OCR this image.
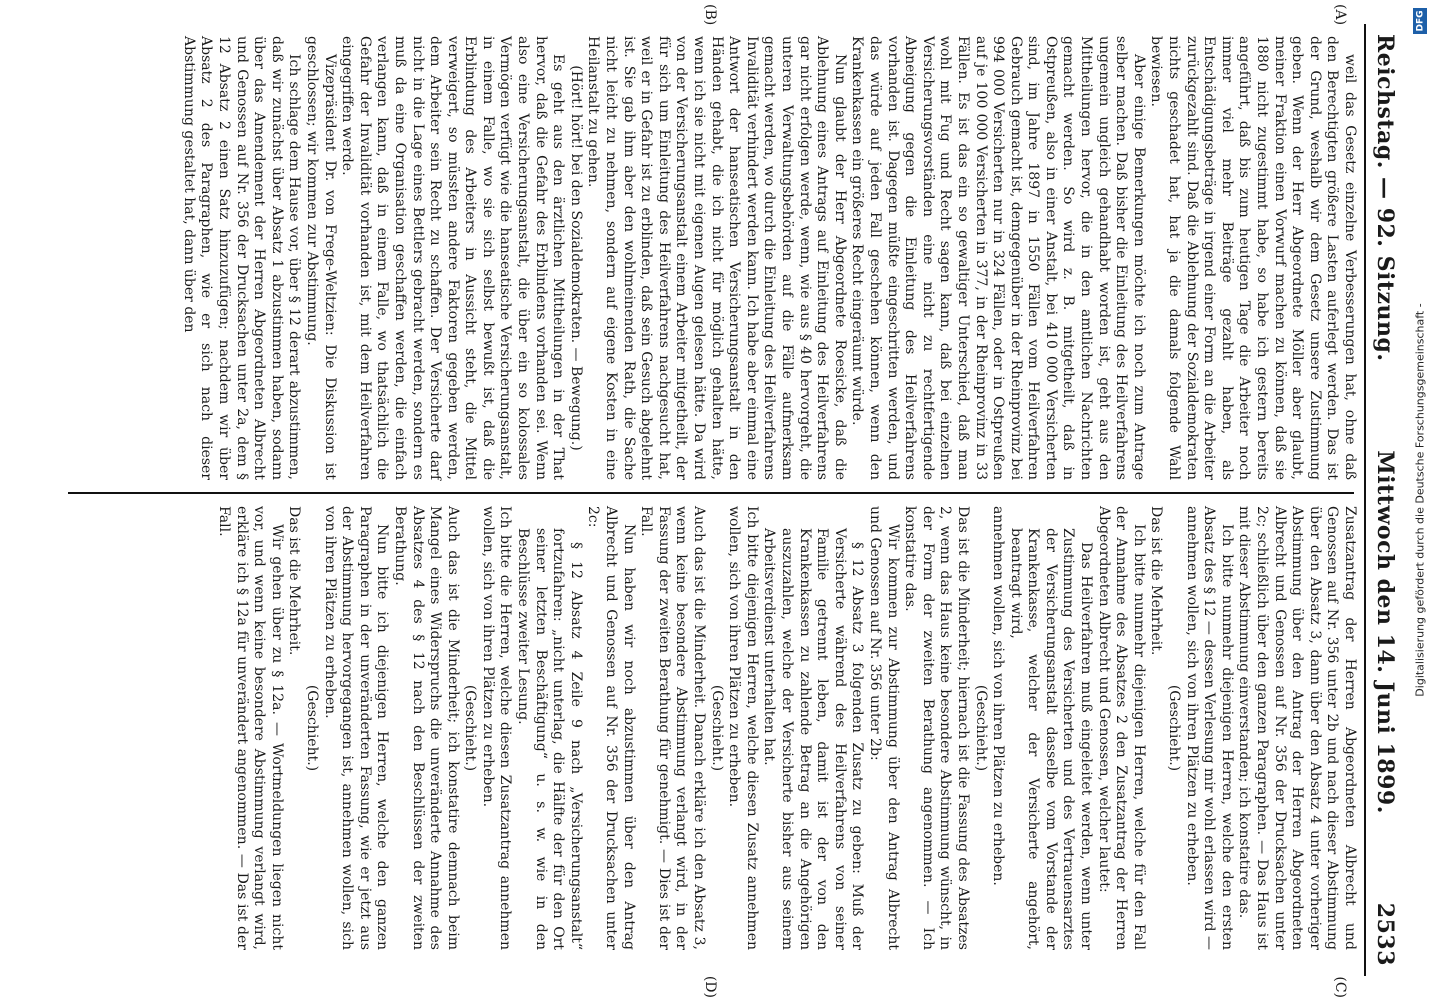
Reichstag. — 92. Sitzung.
Mittwoch den 14. Juni 1899.
2533

weil das Gesetz einzelne Verbesserungen hat, ohne daß den Berechtigten größere Lasten auferlegt werden. Das ist der Grund, weshalb wir dem Gesetz unsere Zustimmung geben. Wenn der Herr Abgeordnete Möller aber glaubt, meiner Fraktion einen Vorwurf machen zu können, daß sie 1880 nicht zugestimmt habe, so habe ich gestern bereits angeführt, daß bis zum heutigen Tage die Arbeiter noch immer viel mehr Beiträge gezahlt haben, als Entschädigungsbeträge in irgend einer Form an die Arbeiter zurückgezahlt sind. Daß die Ablehnung der Sozialdemokraten nichts geschadet hat, hat ja die damals folgende Wahl bewiesen.

Aber einige Bemerkungen möchte ich noch zum Antrage selber machen. Daß bisher die Einleitung des Heilverfahrens ungemein ungleich gehandhabt worden ist, geht aus den Mittheilungen hervor, die in den amtlichen Nachrichten gemacht werden. So wird z. B. mitgetheilt, daß in Ostpreußen, also in einer Anstalt, bei 410 000 Versicherten sind, im Jahre 1897 in 1550 Fällen vom Heilverfahren Gebrauch gemacht ist, demgegenüber in der Rheinprovinz bei 994 000 Versicherten nur in 324 Fällen, oder in Ostpreußen auf je 100 000 Versicherten in 377, in der Rheinprovinz in 33 Fällen. Es ist das ein so gewaltiger Unterschied, daß man wohl mit Fug und Recht sagen kann, daß bei einzelnen Versicherungsvorständen eine nicht zu rechtfertigende Abneigung gegen die Einleitung des Heilverfahrens vorhanden ist. Dagegen müßte eingeschritten werden, und das würde auf jeden Fall geschehen können, wenn den Krankenkassen ein größeres Recht eingeräumt würde.

Nun glaubt der Herr Abgeordnete Roesicke, daß die Ablehnung eines Antrags auf Einleitung des Heilverfahrens gar nicht erfolgen werde, wenn, wie aus § 40 hervorgeht, die unteren Verwaltungsbehörden auf die Fälle aufmerksam gemacht werden, wo durch die Einleitung des Heilverfahrens Invalidität verhindert werden kann. Ich habe aber einmal eine Antwort der hanseatischen Versicherungsanstalt in den Händen gehabt, die ich nicht für möglich gehalten hätte, wenn ich sie nicht mit eigenen Augen gelesen hätte. Da wird von der Versicherungsanstalt einem Arbeiter mitgetheilt, der für sich um Einleitung des Heilverfahrens nachgesucht hat, weil er in Gefahr ist zu erblinden, daß sein Gesuch abgelehnt ist. Sie gab ihm aber den wohlmeinenden Rath, die Sache nicht leicht zu nehmen, sondern auf eigene Kosten in eine Heilanstalt zu gehen.

(Hört! hört! bei den Sozialdemokraten. — Bewegung.)

Es geht aus den ärztlichen Mittheilungen in der That hervor, daß die Gefahr des Erblindens vorhanden sei. Wenn also eine Versicherungsanstalt, die über ein so kolossales Vermögen verfügt wie die hanseatische Versicherungsanstalt, in einem Falle, wo sie sich selbst bewußt ist, daß die Erblindung des Arbeiters in Aussicht steht, die Mittel verweigert, so müssten andere Faktoren gegeben werden, dem Arbeiter sein Recht zu schaffen. Der Versicherte darf nicht in die Lage eines Bettlers gebracht werden, sondern es muß da eine Organisation geschaffen werden, die einfach verlangen kann, daß in einem Falle, wo thatsächlich die Gefahr der Invalidität vorhanden ist, mit dem Heilverfahren eingegriffen werde.

Vizepräsident Dr. von Frege-Weltzien: Die Diskussion ist geschlossen; wir kommen zur Abstimmung.

Ich schlage dem Hause vor, über § 12 derart abzustimmen, daß wir zunächst über Absatz 1 abzustimmen haben, sodann über das Amendement der Herren Abgeordneten Albrecht und Genossen auf Nr. 356 der Drucksachen unter 2a, dem § 12 Absatz 2 einen Satz hinzuzufügen; nachdem wir über Absatz 2 des Paragraphen, wie er sich nach dieser Abstimmung gestaltet hat, dann über den

Zusatzantrag der Herren Abgeordneten Albrecht und Genossen auf Nr. 356 unter 2b und nach dieser Abstimmung über den Absatz 3, dann über den Absatz 4 unter vorheriger Abstimmung über den Antrag der Herren Abgeordneten Albrecht und Genossen auf Nr. 356 der Drucksachen unter 2c; schließlich über den ganzen Paragraphen. — Das Haus ist mit dieser Abstimmung einverstanden; ich konstatire das.

Ich bitte nunmehr diejenigen Herren, welche den ersten Absatz des § 12 — dessen Verlesung mir wohl erlassen wird — annehmen wollen, sich von ihren Plätzen zu erheben.

(Geschieht.)

Das ist die Mehrheit.

Ich bitte nunmehr diejenigen Herren, welche für den Fall der Annahme des Absatzes 2 den Zusatzantrag der Herren Abgeordneten Albrecht und Genossen, welcher lautet:

Das Heilverfahren muß eingeleitet werden, wenn unter Zustimmung des Versicherten und des Vertrauensarztes der Versicherungsanstalt dasselbe vom Vorstande der Krankenkasse, welcher der Versicherte angehört, beantragt wird,

annehmen wollen, sich von ihren Plätzen zu erheben.

(Geschieht.)

Das ist die Minderheit; hiernach ist die Fassung des Absatzes 2, wenn das Haus keine besondere Abstimmung wünscht, in der Form der zweiten Berathung angenommen. — Ich konstatire das.

Wir kommen zur Abstimmung über den Antrag Albrecht und Genossen auf Nr. 356 unter 2b:

§ 12 Absatz 3 folgenden Zusatz zu geben: Muß der Versicherte während des Heilverfahrens von seiner Familie getrennt leben, damit ist der von den Krankenkassen zu zahlende Betrag an die Angehörigen auszuzahlen, welche der Versicherte bisher aus seinem Arbeitsverdienst unterhalten hat.

Ich bitte diejenigen Herren, welche diesen Zusatz annehmen wollen, sich von ihren Plätzen zu erheben.

(Geschieht.)

Auch das ist die Minderheit. Danach erkläre ich den Absatz 3, wenn keine besondere Abstimmung verlangt wird, in der Fassung der zweiten Berathung für genehmigt. — Dies ist der Fall.

Nun haben wir noch abzustimmen über den Antrag Albrecht und Genossen auf Nr. 356 der Drucksachen unter 2c:

§ 12 Absatz 4 Zeile 9 nach „Versicherungsanstalt“ fortzufahren: „nicht unterlag, die Hälfte der für den Ort seiner letzten Beschäftigung“ u. s. w. wie in den Beschlüsse zweiter Lesung.

Ich bitte die Herren, welche diesen Zusatzantrag annehmen wollen, sich von ihren Plätzen zu erheben.

(Geschieht.)

Auch das ist die Minderheit; ich konstatire demnach beim Mangel eines Widerspruchs die unveränderte Annahme des Absatzes 4 des § 12 nach den Beschlüssen der zweiten Berathung.

Nun bitte ich diejenigen Herren, welche den ganzen Paragraphen in der unveränderten Fassung, wie er jetzt aus der Abstimmung hervorgegangen ist, annehmen wollen, sich von ihren Plätzen zu erheben.

(Geschieht.)

Das ist die Mehrheit.

Wir gehen über zu § 12a. — Wortmeldungen liegen nicht vor, und wenn keine besondere Abstimmung verlangt wird, erkläre ich § 12a für unverändert angenommen. — Das ist der Fall.

(A)
(B)
(C)
(D)
DFG
Digitalisierung gefördert durch die Deutsche Forschungsgemeinschaft -
